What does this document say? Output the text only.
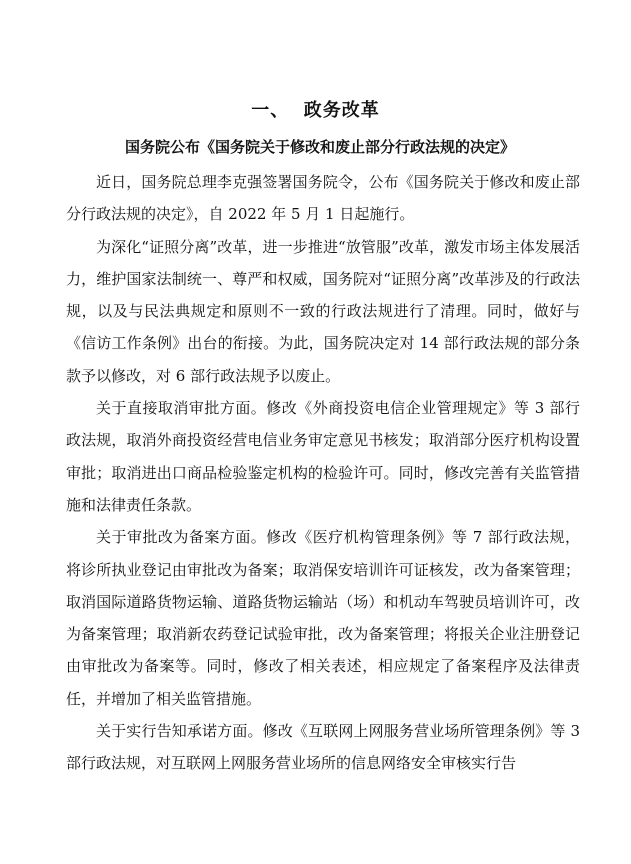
一、  政务改革
国务院公布《国务院关于修改和废止部分行政法规的决定》

近日，国务院总理李克强签署国务院令，公布《国务院关于修改和废止部分行政法规的决定》，自 2022 年 5 月 1 日起施行。

为深化“证照分离”改革，进一步推进“放管服”改革，激发市场主体发展活力，维护国家法制统一、尊严和权威，国务院对“证照分离”改革涉及的行政法规，以及与民法典规定和原则不一致的行政法规进行了清理。同时，做好与《信访工作条例》出台的衔接。为此，国务院决定对 14 部行政法规的部分条款予以修改，对 6 部行政法规予以废止。

关于直接取消审批方面。修改《外商投资电信企业管理规定》等 3 部行政法规，取消外商投资经营电信业务审定意见书核发；取消部分医疗机构设置审批；取消进出口商品检验鉴定机构的检验许可。同时，修改完善有关监管措施和法律责任条款。

关于审批改为备案方面。修改《医疗机构管理条例》等 7 部行政法规，将诊所执业登记由审批改为备案；取消保安培训许可证核发，改为备案管理；取消国际道路货物运输、道路货物运输站（场）和机动车驾驶员培训许可，改为备案管理；取消新农药登记试验审批，改为备案管理；将报关企业注册登记由审批改为备案等。同时，修改了相关表述，相应规定了备案程序及法律责任，并增加了相关监管措施。

关于实行告知承诺方面。修改《互联网上网服务营业场所管理条例》等 3 部行政法规，对互联网上网服务营业场所的信息网络安全审核实行告
